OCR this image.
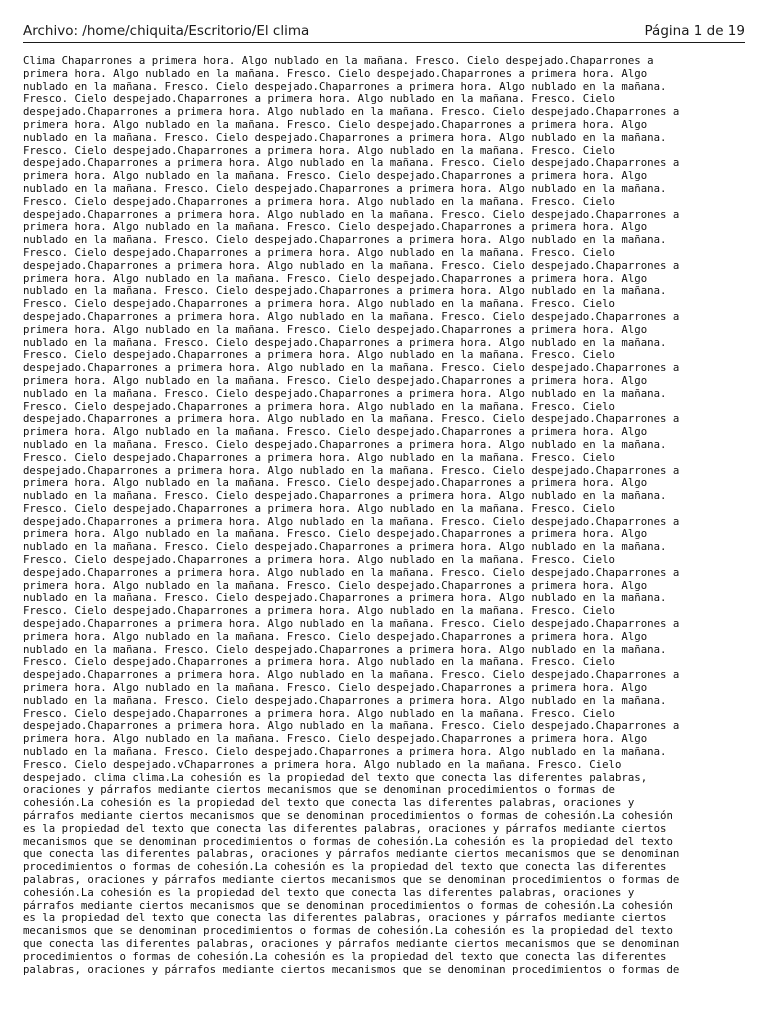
Archivo: /home/chiquita/Escritorio/El clima	Página 1 de 19
Clima Chaparrones a primera hora. Algo nublado en la mañana. Fresco. Cielo despejado.Chaparrones a
primera hora. Algo nublado en la mañana. Fresco. Cielo despejado.Chaparrones a primera hora. Algo
nublado en la mañana. Fresco. Cielo despejado.Chaparrones a primera hora. Algo nublado en la mañana.
Fresco. Cielo despejado.Chaparrones a primera hora. Algo nublado en la mañana. Fresco. Cielo
despejado.Chaparrones a primera hora. Algo nublado en la mañana. Fresco. Cielo despejado.Chaparrones a
primera hora. Algo nublado en la mañana. Fresco. Cielo despejado.Chaparrones a primera hora. Algo
nublado en la mañana. Fresco. Cielo despejado.Chaparrones a primera hora. Algo nublado en la mañana.
Fresco. Cielo despejado.Chaparrones a primera hora. Algo nublado en la mañana. Fresco. Cielo
despejado.Chaparrones a primera hora. Algo nublado en la mañana. Fresco. Cielo despejado.Chaparrones a
primera hora. Algo nublado en la mañana. Fresco. Cielo despejado.Chaparrones a primera hora. Algo
nublado en la mañana. Fresco. Cielo despejado.Chaparrones a primera hora. Algo nublado en la mañana.
Fresco. Cielo despejado.Chaparrones a primera hora. Algo nublado en la mañana. Fresco. Cielo
despejado.Chaparrones a primera hora. Algo nublado en la mañana. Fresco. Cielo despejado.Chaparrones a
primera hora. Algo nublado en la mañana. Fresco. Cielo despejado.Chaparrones a primera hora. Algo
nublado en la mañana. Fresco. Cielo despejado.Chaparrones a primera hora. Algo nublado en la mañana.
Fresco. Cielo despejado.Chaparrones a primera hora. Algo nublado en la mañana. Fresco. Cielo
despejado.Chaparrones a primera hora. Algo nublado en la mañana. Fresco. Cielo despejado.Chaparrones a
primera hora. Algo nublado en la mañana. Fresco. Cielo despejado.Chaparrones a primera hora. Algo
nublado en la mañana. Fresco. Cielo despejado.Chaparrones a primera hora. Algo nublado en la mañana.
Fresco. Cielo despejado.Chaparrones a primera hora. Algo nublado en la mañana. Fresco. Cielo
despejado.Chaparrones a primera hora. Algo nublado en la mañana. Fresco. Cielo despejado.Chaparrones a
primera hora. Algo nublado en la mañana. Fresco. Cielo despejado.Chaparrones a primera hora. Algo
nublado en la mañana. Fresco. Cielo despejado.Chaparrones a primera hora. Algo nublado en la mañana.
Fresco. Cielo despejado.Chaparrones a primera hora. Algo nublado en la mañana. Fresco. Cielo
despejado.Chaparrones a primera hora. Algo nublado en la mañana. Fresco. Cielo despejado.Chaparrones a
primera hora. Algo nublado en la mañana. Fresco. Cielo despejado.Chaparrones a primera hora. Algo
nublado en la mañana. Fresco. Cielo despejado.Chaparrones a primera hora. Algo nublado en la mañana.
Fresco. Cielo despejado.Chaparrones a primera hora. Algo nublado en la mañana. Fresco. Cielo
despejado.Chaparrones a primera hora. Algo nublado en la mañana. Fresco. Cielo despejado.Chaparrones a
primera hora. Algo nublado en la mañana. Fresco. Cielo despejado.Chaparrones a primera hora. Algo
nublado en la mañana. Fresco. Cielo despejado.Chaparrones a primera hora. Algo nublado en la mañana.
Fresco. Cielo despejado.Chaparrones a primera hora. Algo nublado en la mañana. Fresco. Cielo
despejado.Chaparrones a primera hora. Algo nublado en la mañana. Fresco. Cielo despejado.Chaparrones a
primera hora. Algo nublado en la mañana. Fresco. Cielo despejado.Chaparrones a primera hora. Algo
nublado en la mañana. Fresco. Cielo despejado.Chaparrones a primera hora. Algo nublado en la mañana.
Fresco. Cielo despejado.Chaparrones a primera hora. Algo nublado en la mañana. Fresco. Cielo
despejado.Chaparrones a primera hora. Algo nublado en la mañana. Fresco. Cielo despejado.Chaparrones a
primera hora. Algo nublado en la mañana. Fresco. Cielo despejado.Chaparrones a primera hora. Algo
nublado en la mañana. Fresco. Cielo despejado.Chaparrones a primera hora. Algo nublado en la mañana.
Fresco. Cielo despejado.Chaparrones a primera hora. Algo nublado en la mañana. Fresco. Cielo
despejado.Chaparrones a primera hora. Algo nublado en la mañana. Fresco. Cielo despejado.Chaparrones a
primera hora. Algo nublado en la mañana. Fresco. Cielo despejado.Chaparrones a primera hora. Algo
nublado en la mañana. Fresco. Cielo despejado.Chaparrones a primera hora. Algo nublado en la mañana.
Fresco. Cielo despejado.Chaparrones a primera hora. Algo nublado en la mañana. Fresco. Cielo
despejado.Chaparrones a primera hora. Algo nublado en la mañana. Fresco. Cielo despejado.Chaparrones a
primera hora. Algo nublado en la mañana. Fresco. Cielo despejado.Chaparrones a primera hora. Algo
nublado en la mañana. Fresco. Cielo despejado.Chaparrones a primera hora. Algo nublado en la mañana.
Fresco. Cielo despejado.Chaparrones a primera hora. Algo nublado en la mañana. Fresco. Cielo
despejado.Chaparrones a primera hora. Algo nublado en la mañana. Fresco. Cielo despejado.Chaparrones a
primera hora. Algo nublado en la mañana. Fresco. Cielo despejado.Chaparrones a primera hora. Algo
nublado en la mañana. Fresco. Cielo despejado.Chaparrones a primera hora. Algo nublado en la mañana.
Fresco. Cielo despejado.Chaparrones a primera hora. Algo nublado en la mañana. Fresco. Cielo
despejado.Chaparrones a primera hora. Algo nublado en la mañana. Fresco. Cielo despejado.Chaparrones a
primera hora. Algo nublado en la mañana. Fresco. Cielo despejado.Chaparrones a primera hora. Algo
nublado en la mañana. Fresco. Cielo despejado.Chaparrones a primera hora. Algo nublado en la mañana.
Fresco. Cielo despejado.vChaparrones a primera hora. Algo nublado en la mañana. Fresco. Cielo
despejado. clima clima.La cohesión es la propiedad del texto que conecta las diferentes palabras,
oraciones y párrafos mediante ciertos mecanismos que se denominan procedimientos o formas de
cohesión.La cohesión es la propiedad del texto que conecta las diferentes palabras, oraciones y
párrafos mediante ciertos mecanismos que se denominan procedimientos o formas de cohesión.La cohesión
es la propiedad del texto que conecta las diferentes palabras, oraciones y párrafos mediante ciertos
mecanismos que se denominan procedimientos o formas de cohesión.La cohesión es la propiedad del texto
que conecta las diferentes palabras, oraciones y párrafos mediante ciertos mecanismos que se denominan
procedimientos o formas de cohesión.La cohesión es la propiedad del texto que conecta las diferentes
palabras, oraciones y párrafos mediante ciertos mecanismos que se denominan procedimientos o formas de
cohesión.La cohesión es la propiedad del texto que conecta las diferentes palabras, oraciones y
párrafos mediante ciertos mecanismos que se denominan procedimientos o formas de cohesión.La cohesión
es la propiedad del texto que conecta las diferentes palabras, oraciones y párrafos mediante ciertos
mecanismos que se denominan procedimientos o formas de cohesión.La cohesión es la propiedad del texto
que conecta las diferentes palabras, oraciones y párrafos mediante ciertos mecanismos que se denominan
procedimientos o formas de cohesión.La cohesión es la propiedad del texto que conecta las diferentes
palabras, oraciones y párrafos mediante ciertos mecanismos que se denominan procedimientos o formas de
